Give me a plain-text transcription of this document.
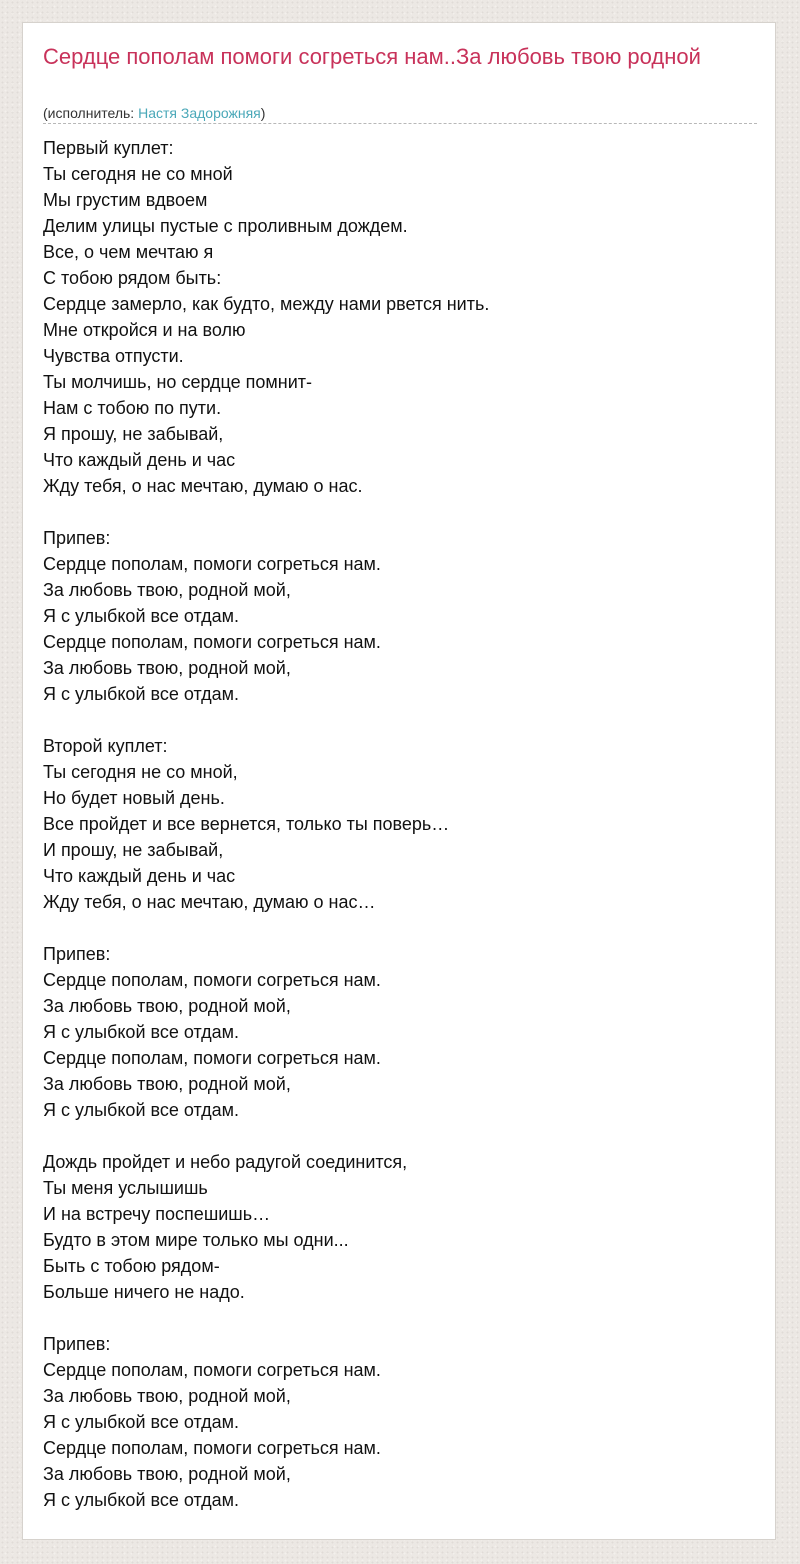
Сердце пополам помоги согреться нам..За любовь твою родной
(исполнитель: Настя Задорожняя)
Первый куплет:
Ты сегодня не со мной
Мы грустим вдвоем
Делим улицы пустые с проливным дождем.
Все, о чем мечтаю я
С тобою рядом быть:
Сердце замерло, как будто, между нами рвется нить.
Мне откройся и на волю
Чувства отпусти.
Ты молчишь, но сердце помнит-
Нам с тобою по пути.
Я прошу, не забывай,
Что каждый день и час
Жду тебя, о нас мечтаю, думаю о нас.
Припев:
Сердце пополам, помоги согреться нам.
За любовь твою, родной мой,
Я с улыбкой все отдам.
Сердце пополам, помоги согреться нам.
За любовь твою, родной мой,
Я с улыбкой все отдам.
Второй куплет:
Ты сегодня не со мной,
Но будет новый день.
Все пройдет и все вернется, только ты поверь…
И прошу, не забывай,
Что каждый день и час
Жду тебя, о нас мечтаю, думаю о нас…
Припев:
Сердце пополам, помоги согреться нам.
За любовь твою, родной мой,
Я с улыбкой все отдам.
Сердце пополам, помоги согреться нам.
За любовь твою, родной мой,
Я с улыбкой все отдам.
Дождь пройдет и небо радугой соединится,
Ты меня услышишь
И на встречу поспешишь…
Будто в этом мире только мы одни...
Быть с тобою рядом-
Больше ничего не надо.
Припев:
Сердце пополам, помоги согреться нам.
За любовь твою, родной мой,
Я с улыбкой все отдам.
Сердце пополам, помоги согреться нам.
За любовь твою, родной мой,
Я с улыбкой все отдам.
